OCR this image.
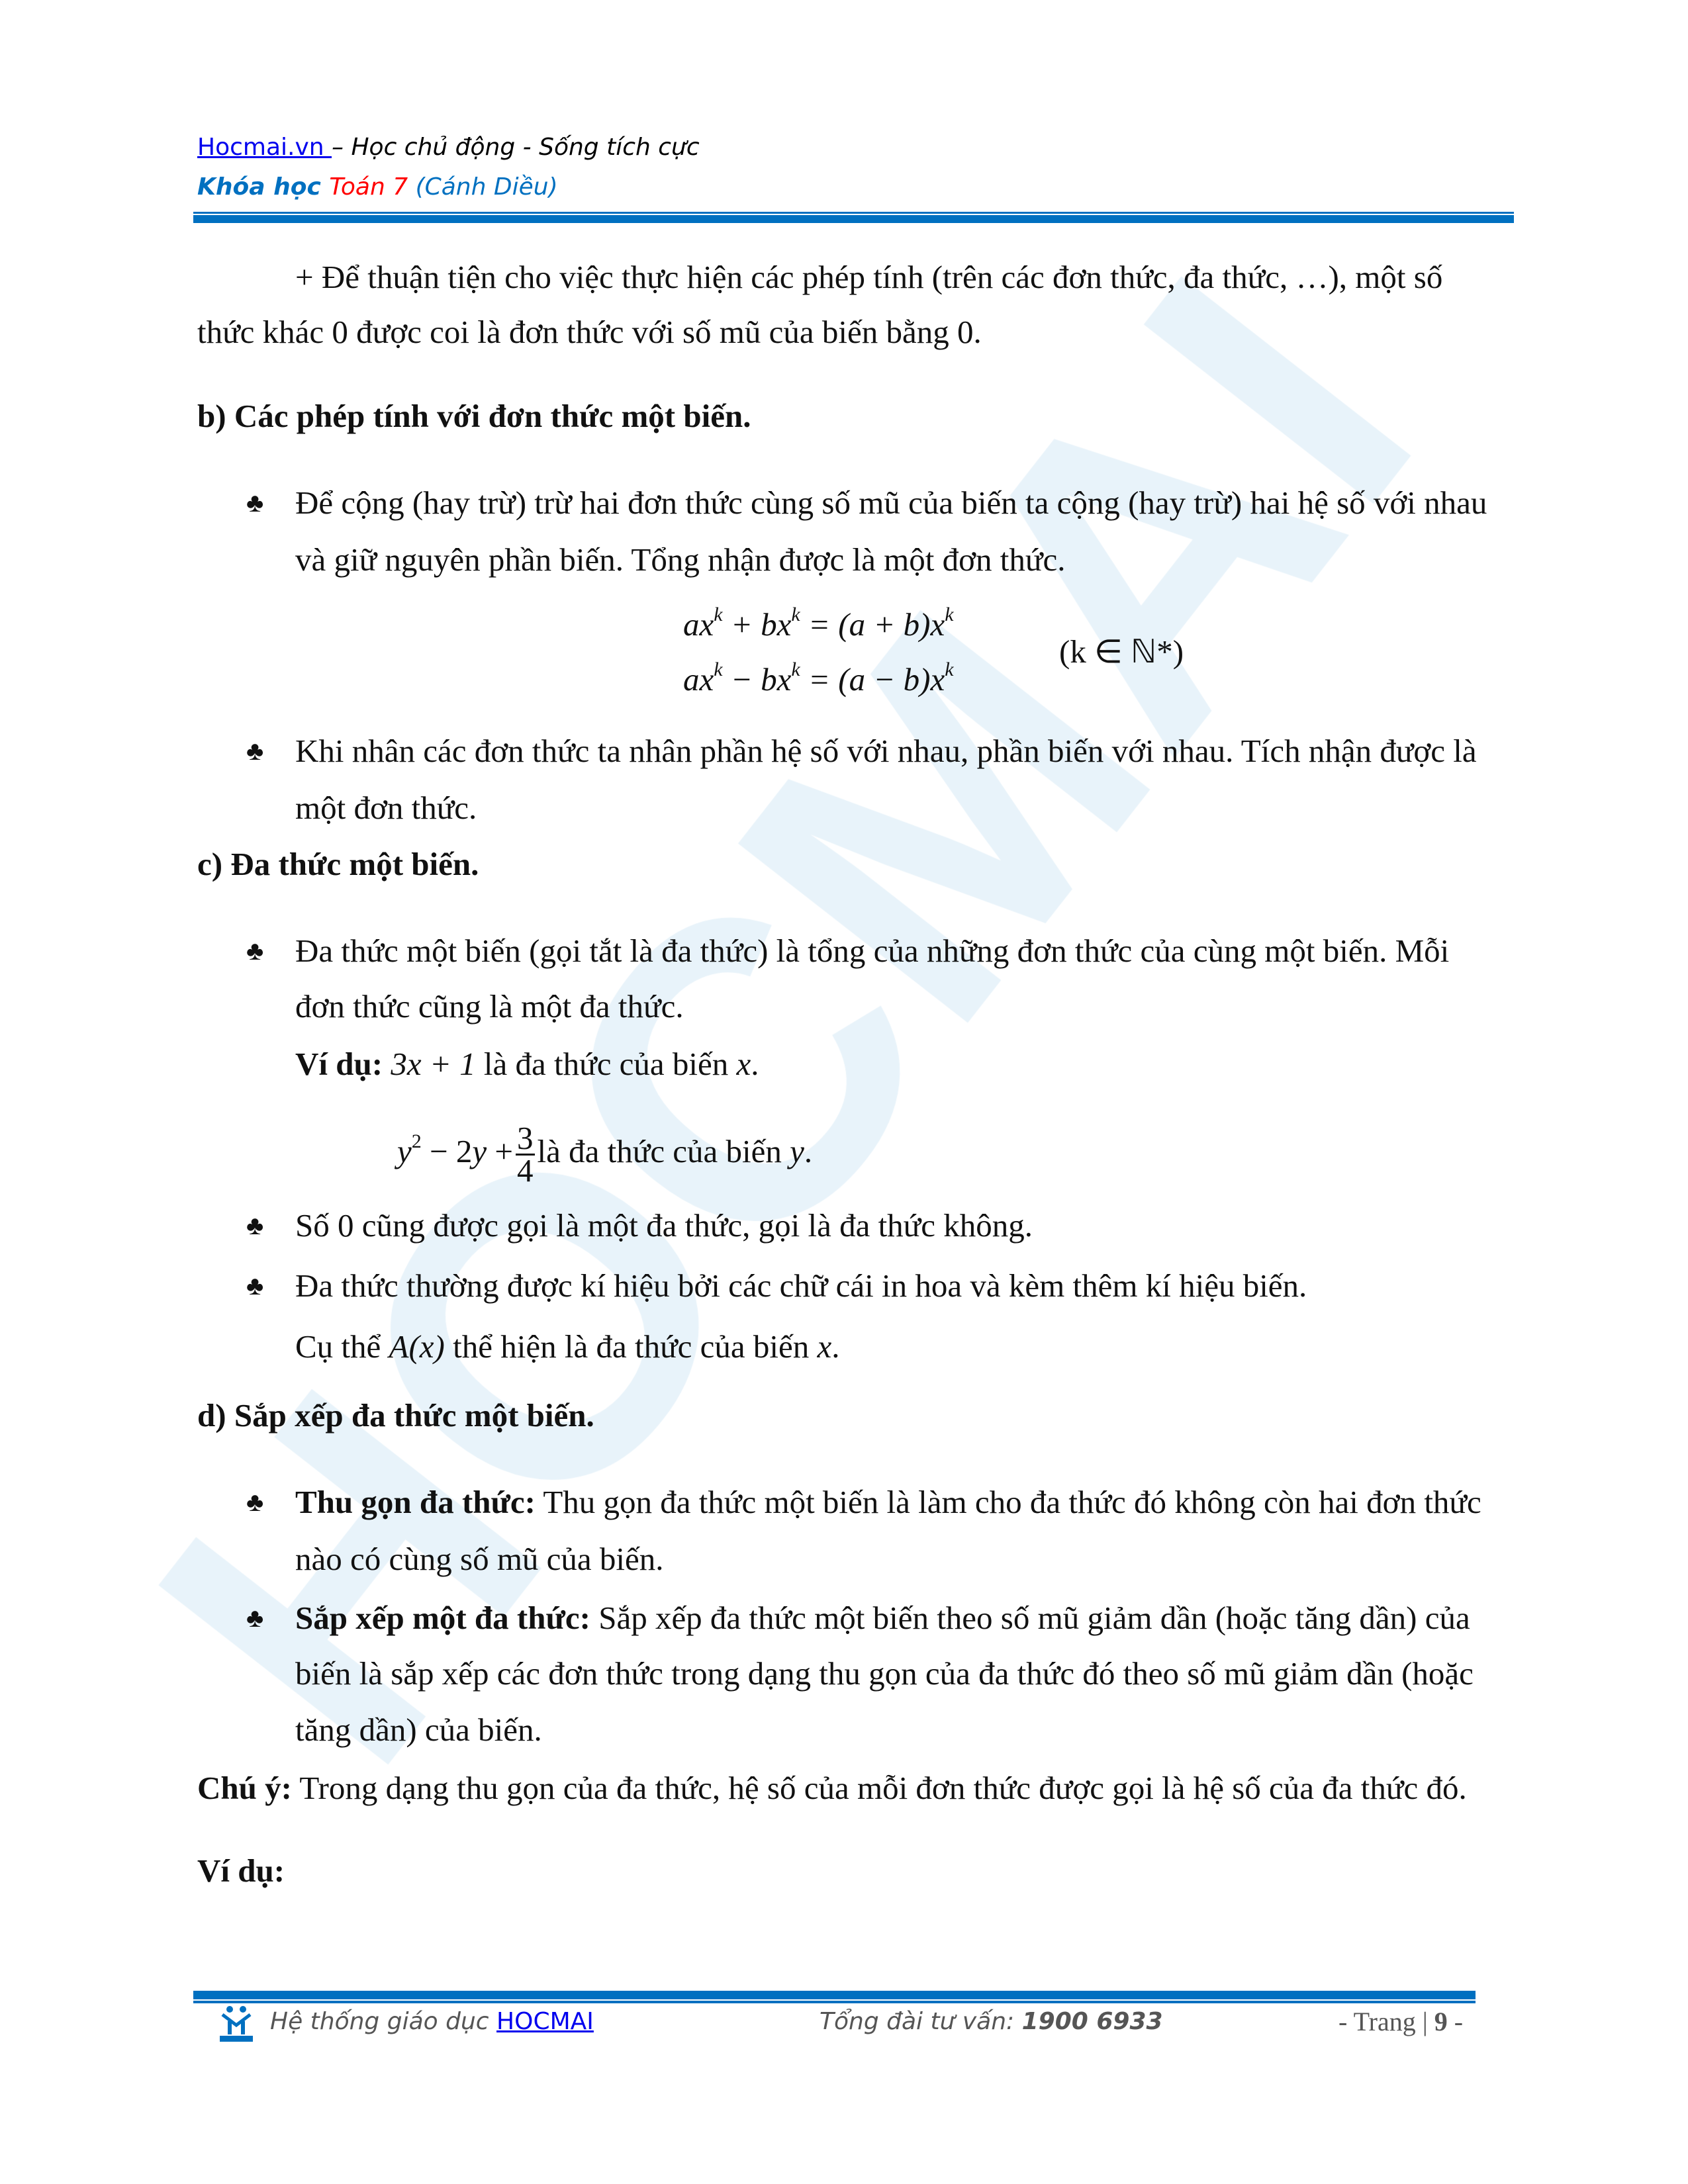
Hocmai.vn – Học chủ động - Sống tích cực
Khóa học Toán 7 (Cánh Diều)
+ Để thuận tiện cho việc thực hiện các phép tính (trên các đơn thức, đa thức, …), một số
thức khác 0 được coi là đơn thức với số mũ của biến bằng 0.
b) Các phép tính với đơn thức một biến.
♣ Để cộng (hay trừ) trừ hai đơn thức cùng số mũ của biến ta cộng (hay trừ) hai hệ số với nhau
và giữ nguyên phần biến. Tổng nhận được là một đơn thức.
$ax^k + bx^k = (a + b)x^k$
$ax^k - bx^k = (a - b)x^k$	(k ∈ ℕ*)
♣ Khi nhân các đơn thức ta nhân phần hệ số với nhau, phần biến với nhau. Tích nhận được là
một đơn thức.
c) Đa thức một biến.
♣ Đa thức một biến (gọi tắt là đa thức) là tổng của những đơn thức của cùng một biến. Mỗi
đơn thức cũng là một đa thức.
Ví dụ: 3x + 1 là đa thức của biến x.
$y^2 - 2y + \frac{3}{4}$ là đa thức của biến y.
♣ Số 0 cũng được gọi là một đa thức, gọi là đa thức không.
♣ Đa thức thường được kí hiệu bởi các chữ cái in hoa và kèm thêm kí hiệu biến.
Cụ thể A(x) thể hiện là đa thức của biến x.
d) Sắp xếp đa thức một biến.
♣ Thu gọn đa thức: Thu gọn đa thức một biến là làm cho đa thức đó không còn hai đơn thức
nào có cùng số mũ của biến.
♣ Sắp xếp một đa thức: Sắp xếp đa thức một biến theo số mũ giảm dần (hoặc tăng dần) của
biến là sắp xếp các đơn thức trong dạng thu gọn của đa thức đó theo số mũ giảm dần (hoặc
tăng dần) của biến.
Chú ý: Trong dạng thu gọn của đa thức, hệ số của mỗi đơn thức được gọi là hệ số của đa thức đó.
Ví dụ:
Hệ thống giáo dục HOCMAI	Tổng đài tư vấn: 1900 6933	- Trang | 9 -
